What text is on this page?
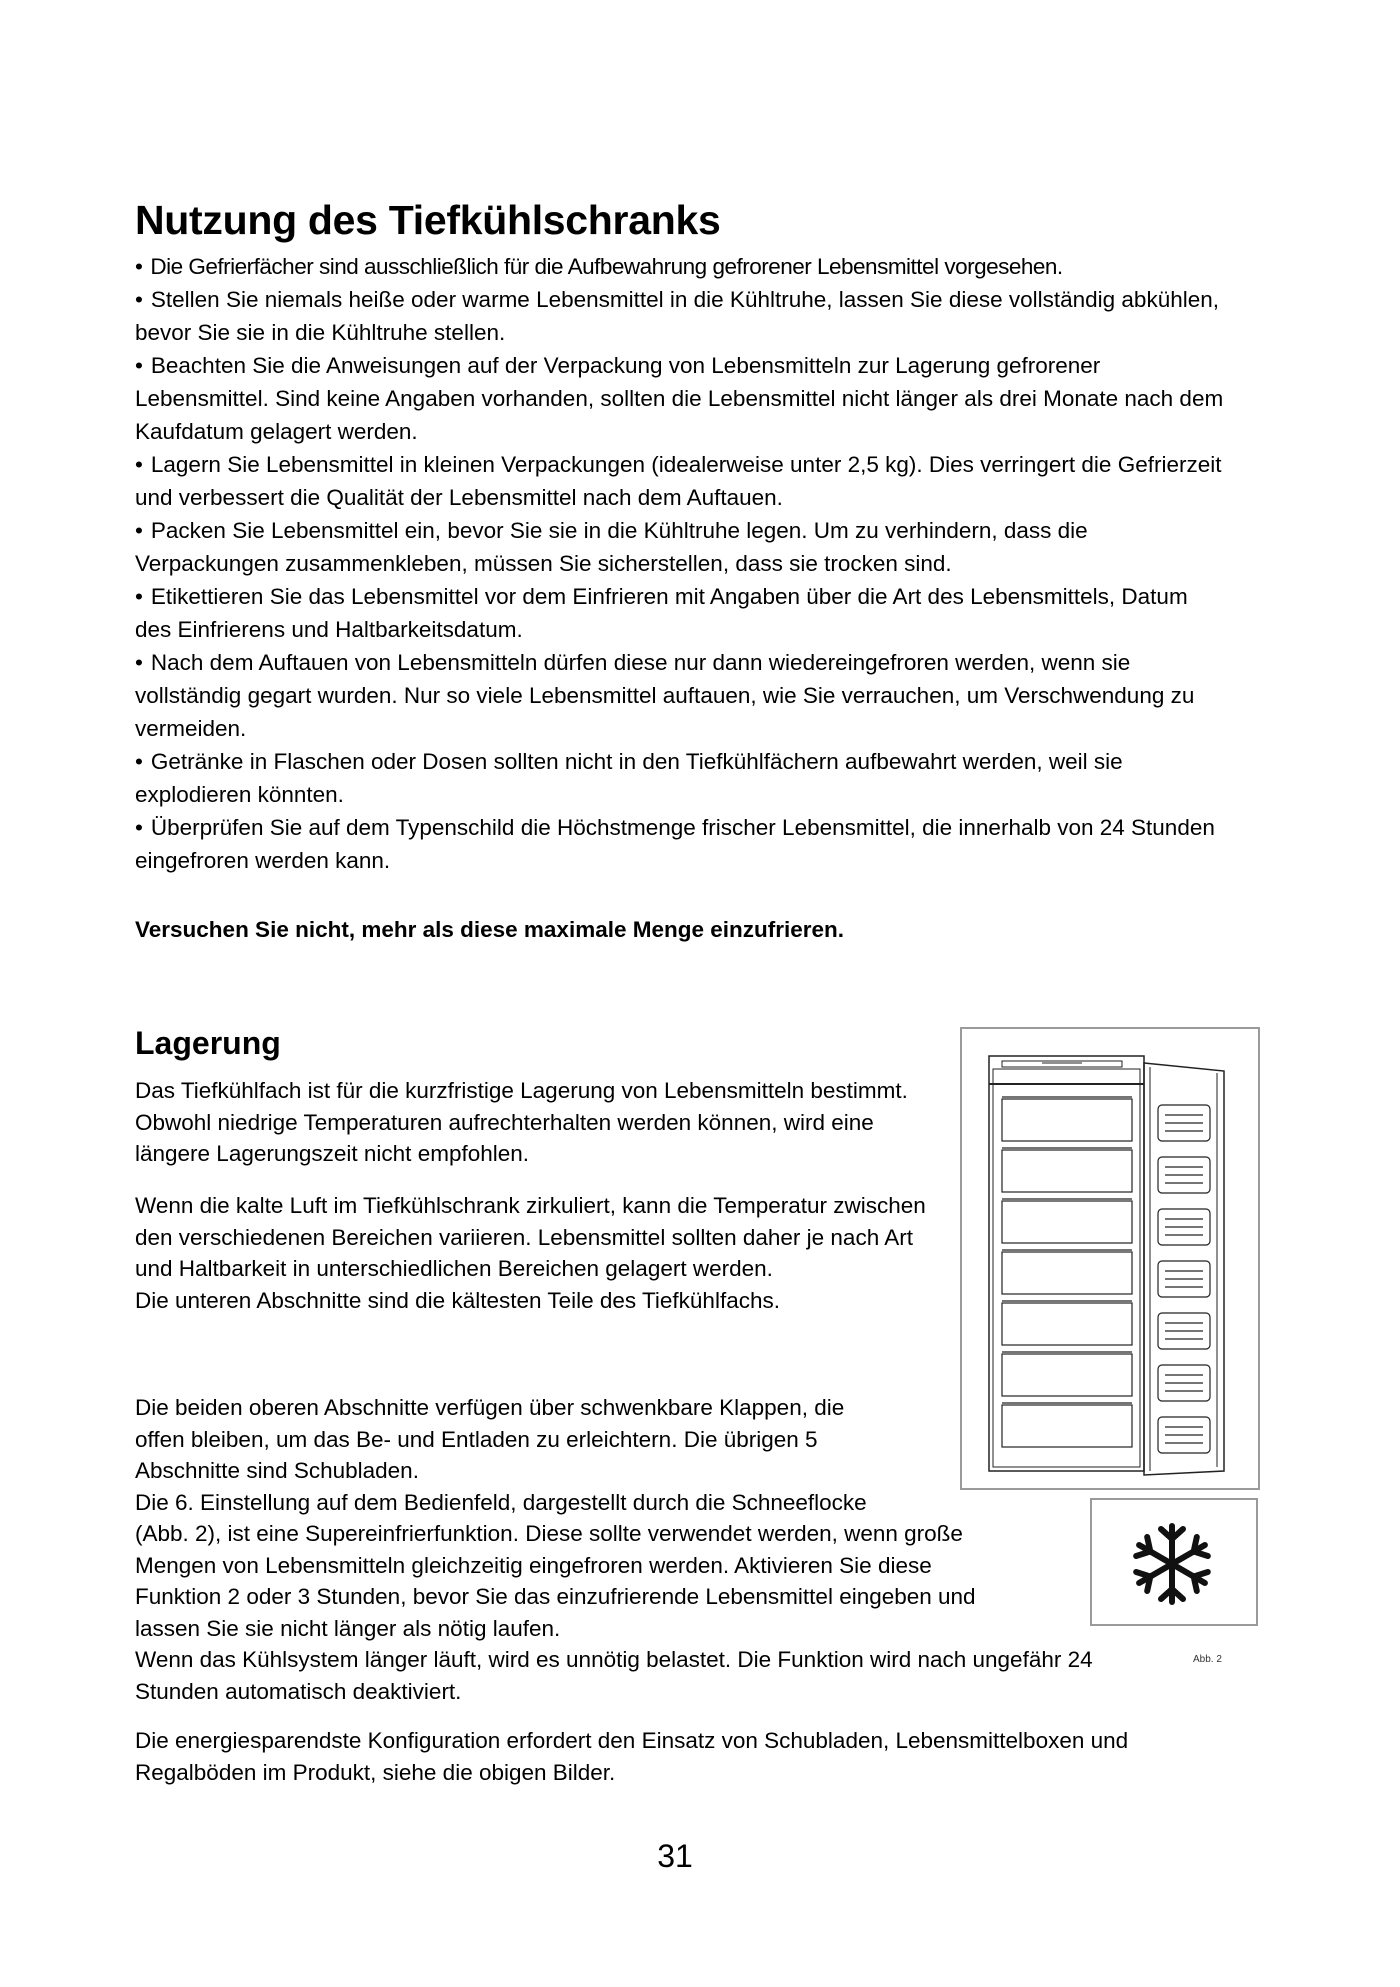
Nutzung des Tiefkühlschranks
• Die Gefrierfächer sind ausschließlich für die Aufbewahrung gefrorener Lebensmittel vorgesehen.
• Stellen Sie niemals heiße oder warme Lebensmittel in die Kühltruhe, lassen Sie diese vollständig abkühlen, bevor Sie sie in die Kühltruhe stellen.
• Beachten Sie die Anweisungen auf der Verpackung von Lebensmitteln zur Lagerung gefrorener Lebensmittel. Sind keine Angaben vorhanden, sollten die Lebensmittel nicht länger als drei Monate nach dem Kaufdatum gelagert werden.
• Lagern Sie Lebensmittel in kleinen Verpackungen (idealerweise unter 2,5 kg). Dies verringert die Gefrierzeit und verbessert die Qualität der Lebensmittel nach dem Auftauen.
• Packen Sie Lebensmittel ein, bevor Sie sie in die Kühltruhe legen. Um zu verhindern, dass die Verpackungen zusammenkleben, müssen Sie sicherstellen, dass sie trocken sind.
• Etikettieren Sie das Lebensmittel vor dem Einfrieren mit Angaben über die Art des Lebensmittels, Datum des Einfrierens und Haltbarkeitsdatum.
• Nach dem Auftauen von Lebensmitteln dürfen diese nur dann wiedereingefroren werden, wenn sie vollständig gegart wurden. Nur so viele Lebensmittel auftauen, wie Sie verrauchen, um Verschwendung zu vermeiden.
• Getränke in Flaschen oder Dosen sollten nicht in den Tiefkühlfächern aufbewahrt werden, weil sie explodieren könnten.
• Überprüfen Sie auf dem Typenschild die Höchstmenge frischer Lebensmittel, die innerhalb von 24 Stunden eingefroren werden kann.

Versuchen Sie nicht, mehr als diese maximale Menge einzufrieren.

Lagerung

Das Tiefkühlfach ist für die kurzfristige Lagerung von Lebensmitteln bestimmt. Obwohl niedrige Temperaturen aufrechterhalten werden können, wird eine längere Lagerungszeit nicht empfohlen.

Wenn die kalte Luft im Tiefkühlschrank zirkuliert, kann die Temperatur zwischen den verschiedenen Bereichen variieren. Lebensmittel sollten daher je nach Art und Haltbarkeit in unterschiedlichen Bereichen gelagert werden.
Die unteren Abschnitte sind die kältesten Teile des Tiefkühlfachs.
Die beiden oberen Abschnitte verfügen über schwenkbare Klappen, die
offen bleiben, um das Be- und Entladen zu erleichtern. Die übrigen 5
Abschnitte sind Schubladen.
Die 6. Einstellung auf dem Bedienfeld, dargestellt durch die Schneeflocke
(Abb. 2), ist eine Supereinfrierfunktion. Diese sollte verwendet werden, wenn große
Mengen von Lebensmitteln gleichzeitig eingefroren werden. Aktivieren Sie diese
Funktion 2 oder 3 Stunden, bevor Sie das einzufrierende Lebensmittel eingeben und
lassen Sie sie nicht länger als nötig laufen.
Wenn das Kühlsystem länger läuft, wird es unnötig belastet. Die Funktion wird nach ungefähr 24
Stunden automatisch deaktiviert.

Die energiesparendste Konfiguration erfordert den Einsatz von Schubladen, Lebensmittelboxen und Regalböden im Produkt, siehe die obigen Bilder.

Abb. 2
31
